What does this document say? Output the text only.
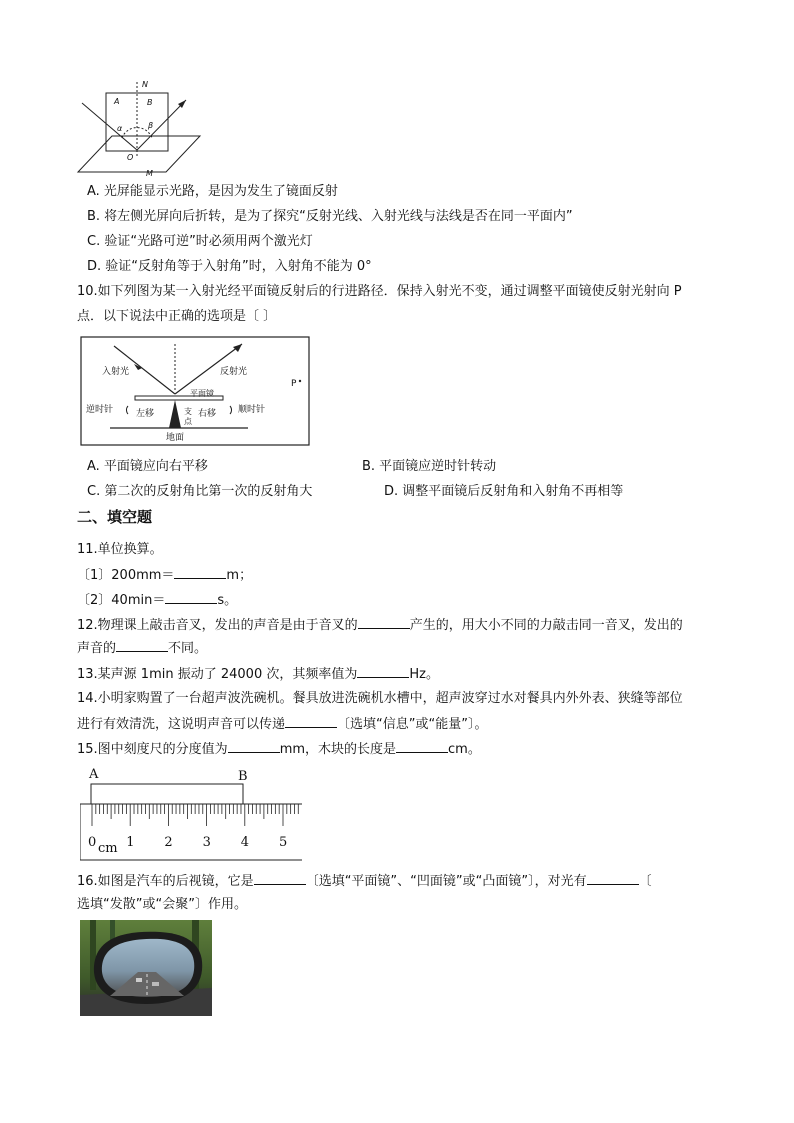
N
A	B
α	β
O
M
A. 光屏能显示光路，是因为发生了镜面反射
B. 将左侧光屏向后折转，是为了探究“反射光线、入射光线与法线是否在同一平面内”
C. 验证“光路可逆”时必须用两个激光灯
D. 验证“反射角等于入射角”时，入射角不能为 0°
10.如下列图为某一入射光经平面镜反射后的行进路径．保持入射光不变，通过调整平面镜使反射光射向 P
点．以下说法中正确的选项是〔 〕
入射光	反射光
平面镜
逆时针	顺时针
左移	右移
支
点
地面
P
A. 平面镜应向右平移	B. 平面镜应逆时针转动
C. 第二次的反射角比第一次的反射角大	D. 调整平面镜后反射角和入射角不再相等
二、填空题
11.单位换算。
〔1〕200mm＝	m；
〔2〕40min＝	s。
12.物理课上敲击音叉，发出的声音是由于音叉的	产生的，用大小不同的力敲击同一音叉，发出的
声音的	不同。
13.某声源 1min 振动了 24000 次，其频率值为	Hz。
14.小明家购置了一台超声波洗碗机。餐具放进洗碗机水槽中，超声波穿过水对餐具内外外表、狭缝等部位
进行有效清洗，这说明声音可以传递	〔选填“信息”或“能量”〕。
15.图中刻度尺的分度值为	mm，木块的长度是	cm。
A	B
0 1 2 3 4 5
cm
16.如图是汽车的后视镜，它是	〔选填“平面镜”、“凹面镜”或“凸面镜”〕，对光有	〔
选填“发散”或“会聚”〕作用。
